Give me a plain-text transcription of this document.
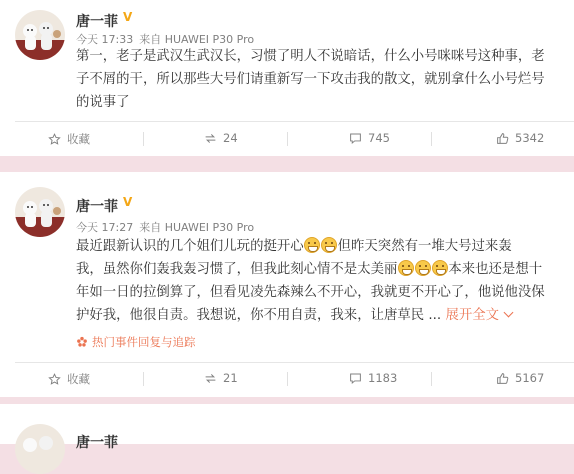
唐一菲 V
今天 17:33 来自 HUAWEI P30 Pro
第一，老子是武汉生武汉长，习惯了明人不说暗话，什么小号咪咪号这种事，老
子不屑的干，所以那些大号们请重新写一下攻击我的散文，就别拿什么小号烂号
的说事了
收藏	24	745	5342
唐一菲 V
今天 17:27 来自 HUAWEI P30 Pro
最近跟新认识的几个姐们儿玩的挺开心	但昨天突然有一堆大号过来轰
我，虽然你们轰我轰习惯了，但我此刻心情不是太美丽	本来也还是想十
年如一日的拉倒算了，但看见凌先森辣么不开心，我就更不开心了，他说他没保
护好我，他很自责。我想说，你不用自责，我来，让唐草民 ... 展开全文
热门事件回复与追踪
收藏	21	1183	5167
唐一菲
